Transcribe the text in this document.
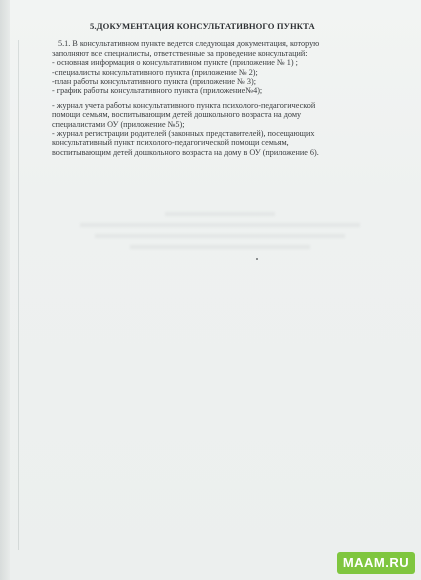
5.ДОКУМЕНТАЦИЯ КОНСУЛЬТАТИВНОГО ПУНКТА

5.1. В консультативном пункте ведется следующая документация, которую

заполняют все специалисты, ответственные за проведение консультаций:

- основная информация о консультативном пункте (приложение № 1) ;

-специалисты консультативного пункта (приложение № 2);

-план работы консультативного пункта (приложение № 3);

- график работы консультативного пункта (приложение№4);

- журнал учета работы консультативного пункта психолого-педагогической

помощи семьям, воспитывающим детей дошкольного возраста на дому

специалистами ОУ (приложение №5);

- журнал регистрации родителей (законных представителей), посещающих

консультативный пункт психолого-педагогической помощи семьям,

воспитывающим детей дошкольного возраста на дому в ОУ (приложение 6).

MAAM.RU
